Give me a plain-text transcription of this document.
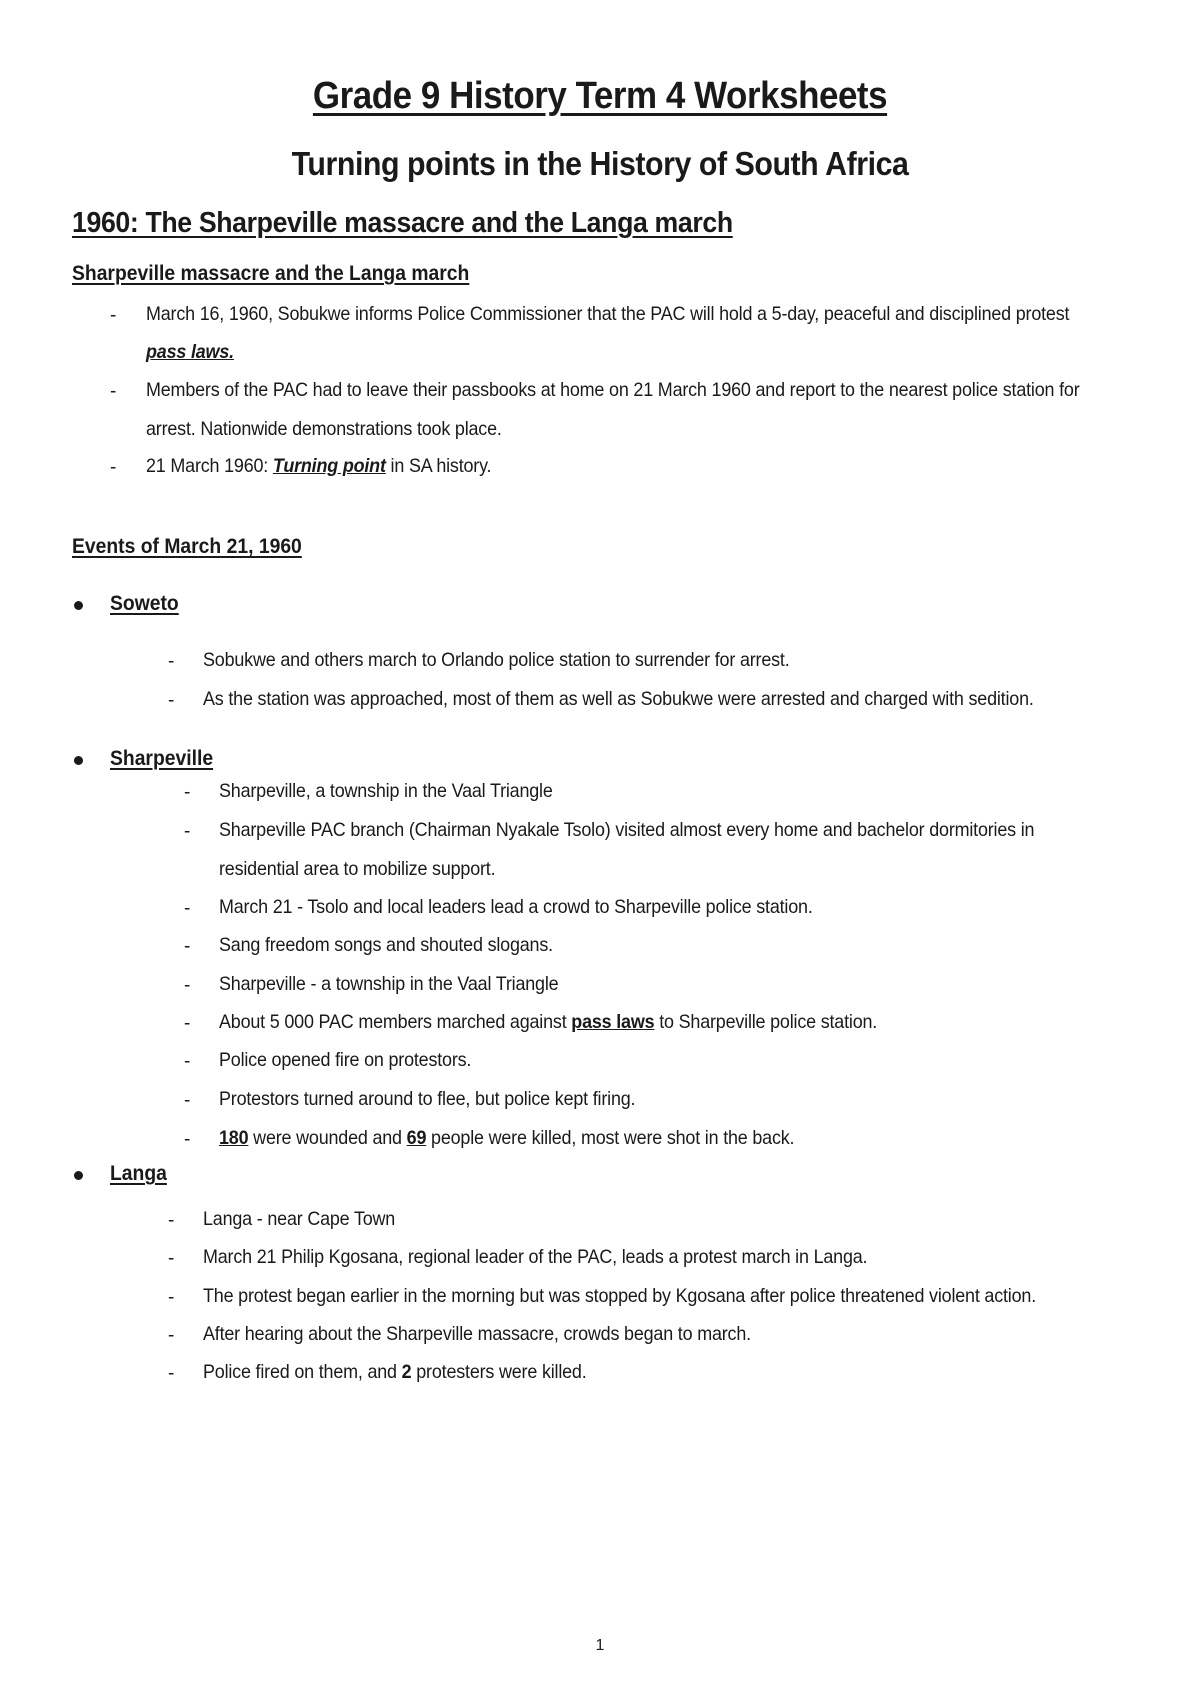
Grade 9 History Term 4 Worksheets
Turning points in the History of South Africa
1960: The Sharpeville massacre and the Langa march
Sharpeville massacre and the Langa march
- March 16, 1960, Sobukwe informs Police Commissioner that the PAC will hold a 5-day, peaceful and disciplined protest
pass laws.
- Members of the PAC had to leave their passbooks at home on 21 March 1960 and report to the nearest police station for
arrest. Nationwide demonstrations took place.
- 21 March 1960: Turning point in SA history.
Events of March 21, 1960
Soweto
- Sobukwe and others march to Orlando police station to surrender for arrest.
- As the station was approached, most of them as well as Sobukwe were arrested and charged with sedition.
Sharpeville
- Sharpeville, a township in the Vaal Triangle
- Sharpeville PAC branch (Chairman Nyakale Tsolo) visited almost every home and bachelor dormitories in
residential area to mobilize support.
- March 21 - Tsolo and local leaders lead a crowd to Sharpeville police station.
- Sang freedom songs and shouted slogans.
- Sharpeville - a township in the Vaal Triangle
- About 5 000 PAC members marched against pass laws to Sharpeville police station.
- Police opened fire on protestors.
- Protestors turned around to flee, but police kept firing.
- 180 were wounded and 69 people were killed, most were shot in the back.
Langa
- Langa - near Cape Town
- March 21 Philip Kgosana, regional leader of the PAC, leads a protest march in Langa.
- The protest began earlier in the morning but was stopped by Kgosana after police threatened violent action.
- After hearing about the Sharpeville massacre, crowds began to march.
- Police fired on them, and 2 protesters were killed.
1
